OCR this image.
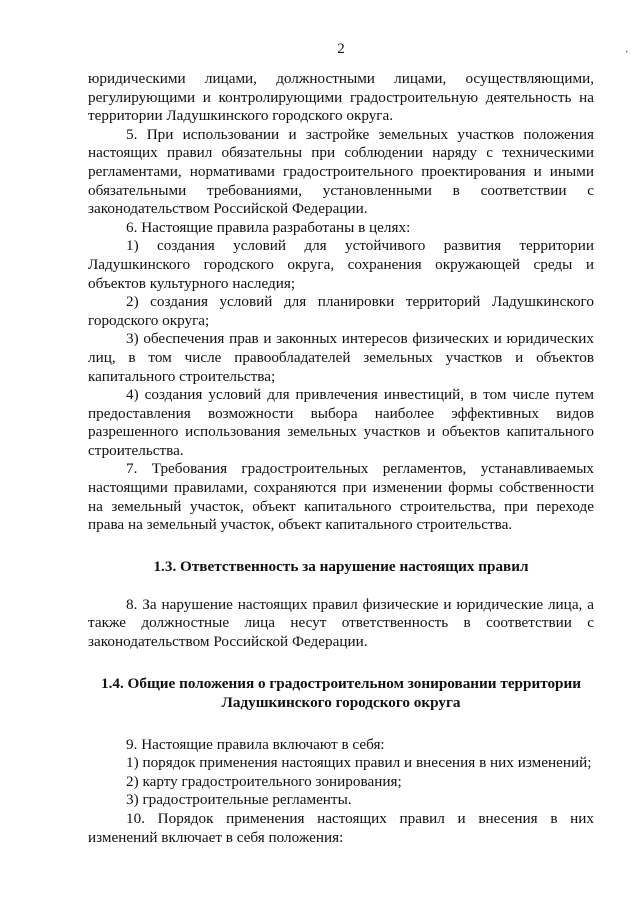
2	٠

юридическими лицами, должностными лицами, осуществляющими, регулирующими и контролирующими градостроительную деятельность на территории Ладушкинского городского округа.

5. При использовании и застройке земельных участков положения настоящих правил обязательны при соблюдении наряду с техническими регламентами, нормативами градостроительного проектирования и иными обязательными требованиями, установленными в соответствии с законодательством Российской Федерации.

6. Настоящие правила разработаны в целях:

1) создания условий для устойчивого развития территории Ладушкинского городского округа, сохранения окружающей среды и объектов культурного наследия;

2) создания условий для планировки территорий Ладушкинского городского округа;

3) обеспечения прав и законных интересов физических и юридических лиц, в том числе правообладателей земельных участков и объектов капитального строительства;

4) создания условий для привлечения инвестиций, в том числе путем предоставления возможности выбора наиболее эффективных видов разрешенного использования земельных участков и объектов капитального строительства.

7. Требования градостроительных регламентов, устанавливаемых настоящими правилами, сохраняются при изменении формы собственности на земельный участок, объект капитального строительства, при переходе права на земельный участок, объект капитального строительства.

1.3. Ответственность за нарушение настоящих правил

8. За нарушение настоящих правил физические и юридические лица, а также должностные лица несут ответственность в соответствии с законодательством Российской Федерации.

1.4. Общие положения о градостроительном зонировании территории
Ладушкинского городского округа

9. Настоящие правила включают в себя:

1) порядок применения настоящих правил и внесения в них изменений;

2) карту градостроительного зонирования;

3) градостроительные регламенты.

10. Порядок применения настоящих правил и внесения в них изменений включает в себя положения:
